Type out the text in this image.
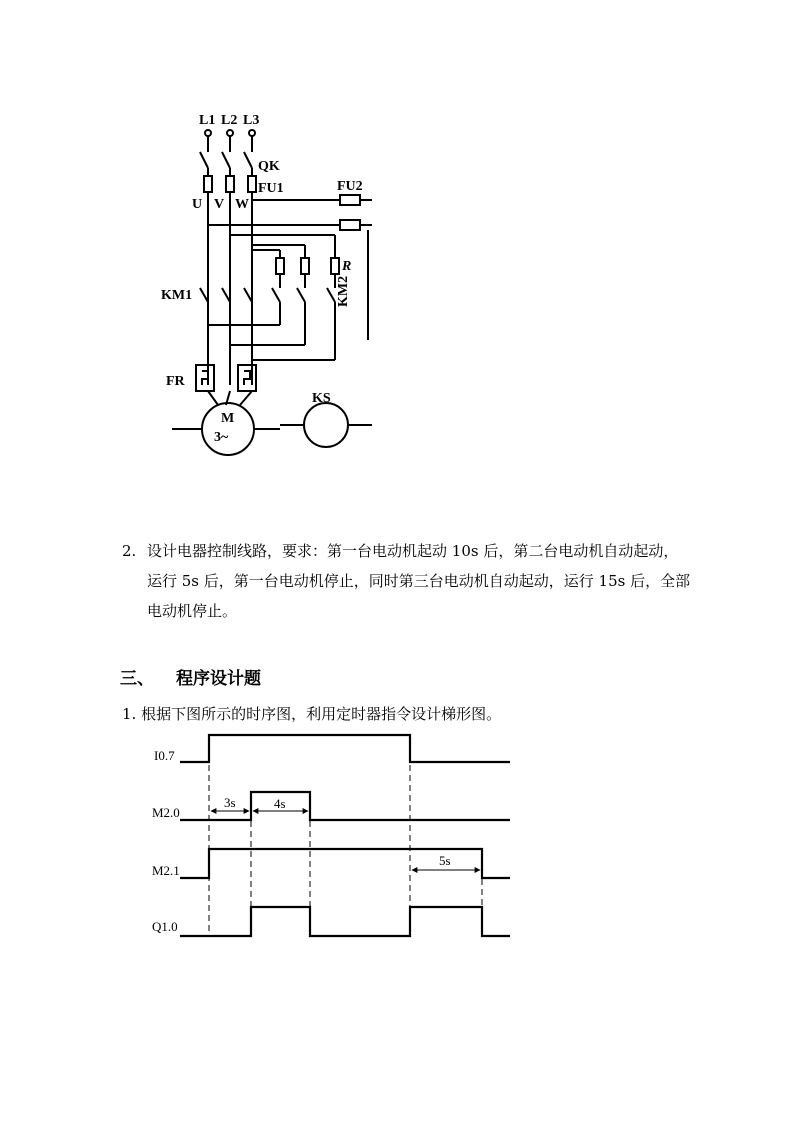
L1 L2 L3
QK
FU1	FU2
U V W
KM1	KM2
R
FR
M
3~
KS
2. 设计电器控制线路，要求：第一台电动机起动 10s 后，第二台电动机自动起动，运行 5s 后，第一台电动机停止，同时第三台电动机自动起动，运行 15s 后，全部电动机停止。
三、 程序设计题
1. 根据下图所示的时序图，利用定时器指令设计梯形图。
I0.7
M2.0
M2.1
Q1.0
3s	4s
5s
